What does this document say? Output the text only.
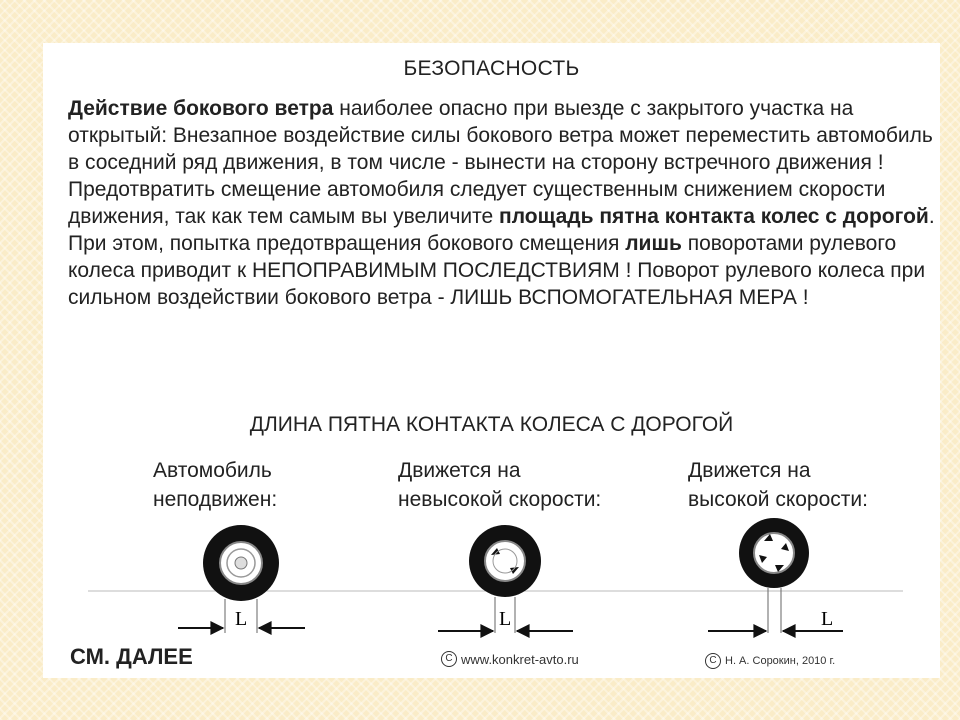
БЕЗОПАСНОСТЬ
Действие бокового ветра наиболее опасно при выезде с закрытого участка на открытый: Внезапное воздействие силы бокового ветра может переместить автомобиль в соседний ряд движения, в том числе - вынести на сторону встречного движения ! Предотвратить смещение автомобиля следует существенным снижением скорости движения, так как тем самым вы увеличите площадь пятна контакта колес с дорогой. При этом, попытка предотвращения бокового смещения лишь поворотами рулевого колеса приводит к НЕПОПРАВИМЫМ ПОСЛЕДСТВИЯМ ! Поворот рулевого колеса при сильном воздействии бокового ветра - ЛИШЬ ВСПОМОГАТЕЛЬНАЯ МЕРА !
ДЛИНА ПЯТНА КОНТАКТА КОЛЕСА С ДОРОГОЙ
Автомобиль
неподвижен:
Движется на
невысокой скорости:
Движется на
высокой скорости:
L	L	L
СМ. ДАЛЕЕ	C www.konkret-avto.ru	C Н. А. Сорокин, 2010 г.
